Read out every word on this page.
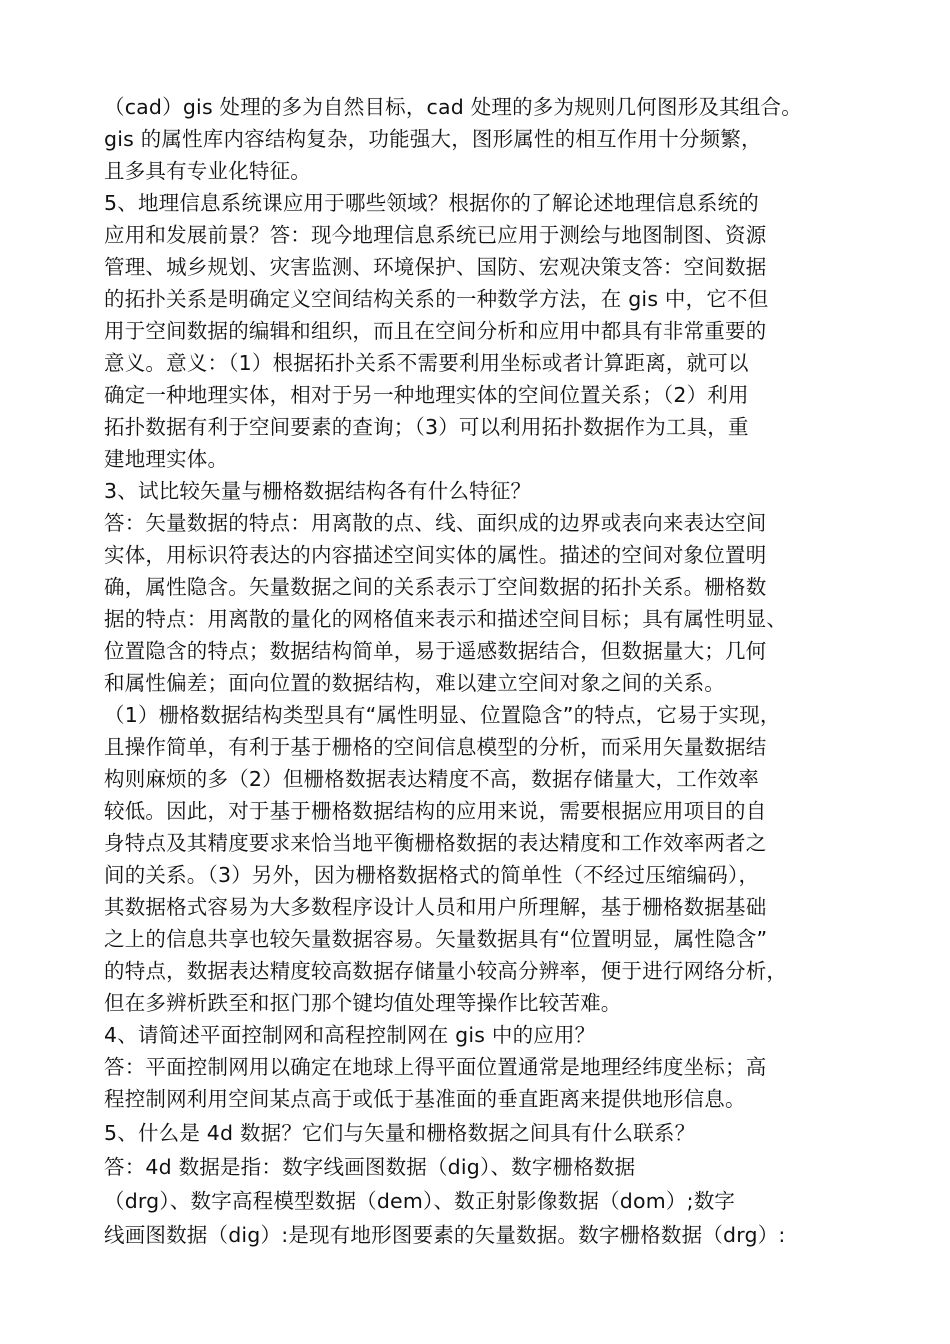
（cad）gis 处理的多为自然目标，cad 处理的多为规则几何图形及其组合。
gis 的属性库内容结构复杂，功能强大，图形属性的相互作用十分频繁，
且多具有专业化特征。
5、地理信息系统课应用于哪些领域？根据你的了解论述地理信息系统的
应用和发展前景？答：现今地理信息系统已应用于测绘与地图制图、资源
管理、城乡规划、灾害监测、环境保护、国防、宏观决策支答：空间数据
的拓扑关系是明确定义空间结构关系的一种数学方法，在 gis 中，它不但
用于空间数据的编辑和组织，而且在空间分析和应用中都具有非常重要的
意义。意义：（1）根据拓扑关系不需要利用坐标或者计算距离，就可以
确定一种地理实体，相对于另一种地理实体的空间位置关系；（2）利用
拓扑数据有利于空间要素的查询；（3）可以利用拓扑数据作为工具，重
建地理实体。
3、试比较矢量与栅格数据结构各有什么特征？
答：矢量数据的特点：用离散的点、线、面织成的边界或表向来表达空间
实体，用标识符表达的内容描述空间实体的属性。描述的空间对象位置明
确，属性隐含。矢量数据之间的关系表示丁空间数据的拓扑关系。栅格数
据的特点：用离散的量化的网格值来表示和描述空间目标；具有属性明显、
位置隐含的特点；数据结构简单，易于遥感数据结合，但数据量大；几何
和属性偏差；面向位置的数据结构，难以建立空间对象之间的关系。
（1）栅格数据结构类型具有“属性明显、位置隐含”的特点，它易于实现，
且操作简单，有利于基于栅格的空间信息模型的分析，而采用矢量数据结
构则麻烦的多（2）但栅格数据表达精度不高，数据存储量大，工作效率
较低。因此，对于基于栅格数据结构的应用来说，需要根据应用项目的自
身特点及其精度要求来恰当地平衡栅格数据的表达精度和工作效率两者之
间的关系。（3）另外，因为栅格数据格式的简单性（不经过压缩编码），
其数据格式容易为大多数程序设计人员和用户所理解，基于栅格数据基础
之上的信息共享也较矢量数据容易。矢量数据具有“位置明显，属性隐含”
的特点，数据表达精度较高数据存储量小较高分辨率，便于进行网络分析，
但在多辨析跌至和抠门那个键均值处理等操作比较苦难。
4、请简述平面控制网和高程控制网在 gis 中的应用？
答：平面控制网用以确定在地球上得平面位置通常是地理经纬度坐标；高
程控制网利用空间某点高于或低于基准面的垂直距离来提供地形信息。
5、什么是 4d 数据？它们与矢量和栅格数据之间具有什么联系？
答：4d 数据是指：数字线画图数据（dig）、数字栅格数据
（drg）、数字高程模型数据（dem）、数正射影像数据（dom）;数字
线画图数据（dig）:是现有地形图要素的矢量数据。数字栅格数据（drg）:
